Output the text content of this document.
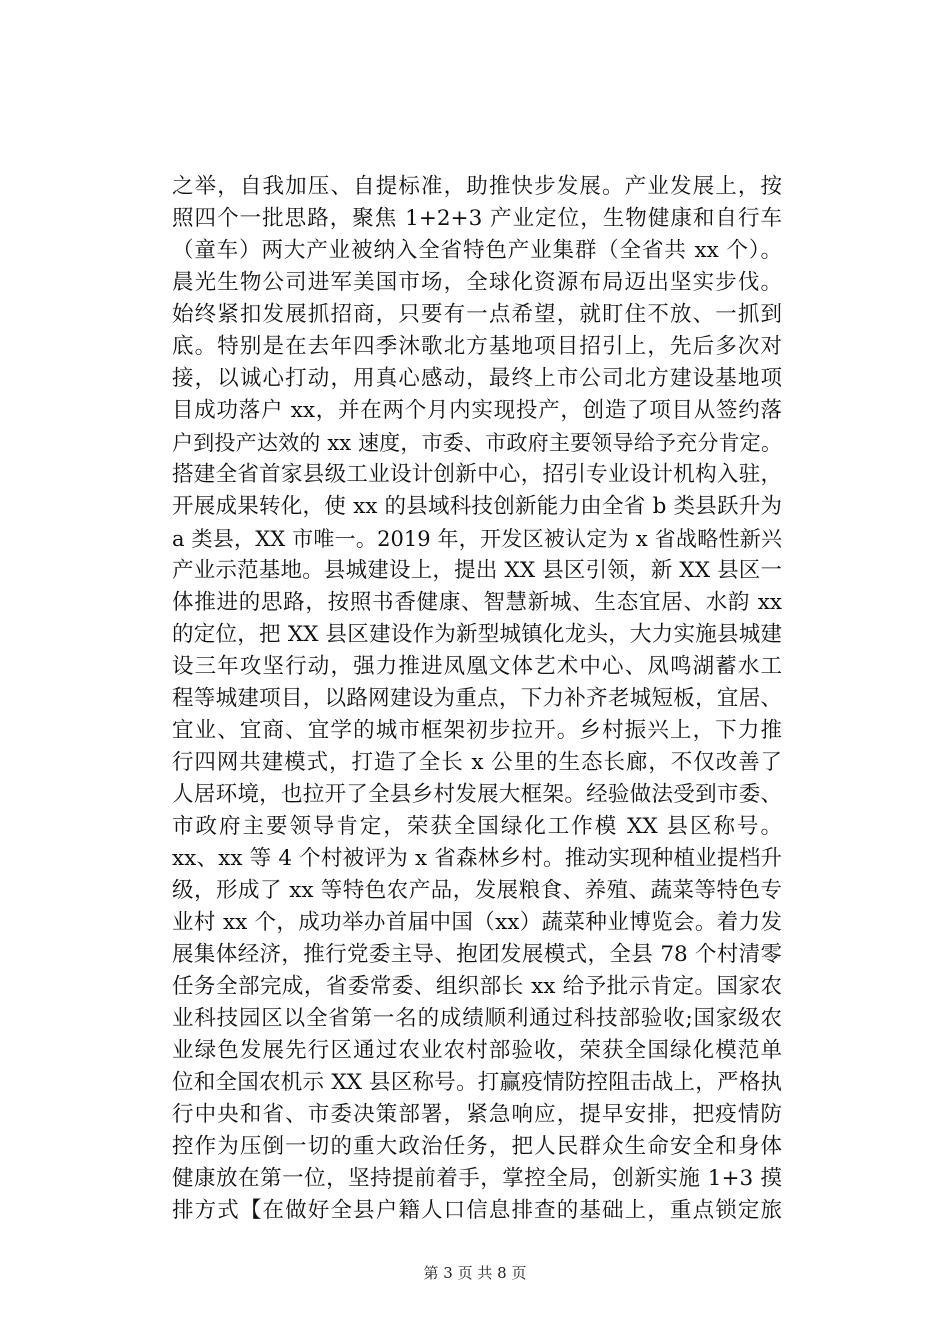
之举，自我加压、自提标准，助推快步发展。产业发展上，按
照四个一批思路，聚焦 1+2+3 产业定位，生物健康和自行车
（童车）两大产业被纳入全省特色产业集群（全省共 xx 个）。
晨光生物公司进军美国市场，全球化资源布局迈出坚实步伐。
始终紧扣发展抓招商，只要有一点希望，就盯住不放、一抓到
底。特别是在去年四季沐歌北方基地项目招引上，先后多次对
接，以诚心打动，用真心感动，最终上市公司北方建设基地项
目成功落户 xx，并在两个月内实现投产，创造了项目从签约落
户到投产达效的 xx 速度，市委、市政府主要领导给予充分肯定。
搭建全省首家县级工业设计创新中心，招引专业设计机构入驻，
开展成果转化，使 xx 的县域科技创新能力由全省 b 类县跃升为
a 类县，XX 市唯一。2019 年，开发区被认定为 x 省战略性新兴
产业示范基地。县城建设上，提出 XX 县区引领，新 XX 县区一
体推进的思路，按照书香健康、智慧新城、生态宜居、水韵 xx
的定位，把 XX 县区建设作为新型城镇化龙头，大力实施县城建
设三年攻坚行动，强力推进凤凰文体艺术中心、凤鸣湖蓄水工
程等城建项目，以路网建设为重点，下力补齐老城短板，宜居、
宜业、宜商、宜学的城市框架初步拉开。乡村振兴上，下力推
行四网共建模式，打造了全长 x 公里的生态长廊，不仅改善了
人居环境，也拉开了全县乡村发展大框架。经验做法受到市委、
市政府主要领导肯定，荣获全国绿化工作模 XX 县区称号。
xx、xx 等 4 个村被评为 x 省森林乡村。推动实现种植业提档升
级，形成了 xx 等特色农产品，发展粮食、养殖、蔬菜等特色专
业村 xx 个，成功举办首届中国（xx）蔬菜种业博览会。着力发
展集体经济，推行党委主导、抱团发展模式，全县 78 个村清零
任务全部完成，省委常委、组织部长 xx 给予批示肯定。国家农
业科技园区以全省第一名的成绩顺利通过科技部验收;国家级农
业绿色发展先行区通过农业农村部验收，荣获全国绿化模范单
位和全国农机示 XX 县区称号。打赢疫情防控阻击战上，严格执
行中央和省、市委决策部署，紧急响应，提早安排，把疫情防
控作为压倒一切的重大政治任务，把人民群众生命安全和身体
健康放在第一位，坚持提前着手，掌控全局，创新实施 1+3 摸
排方式【在做好全县户籍人口信息排查的基础上，重点锁定旅
第 3 页 共 8 页
